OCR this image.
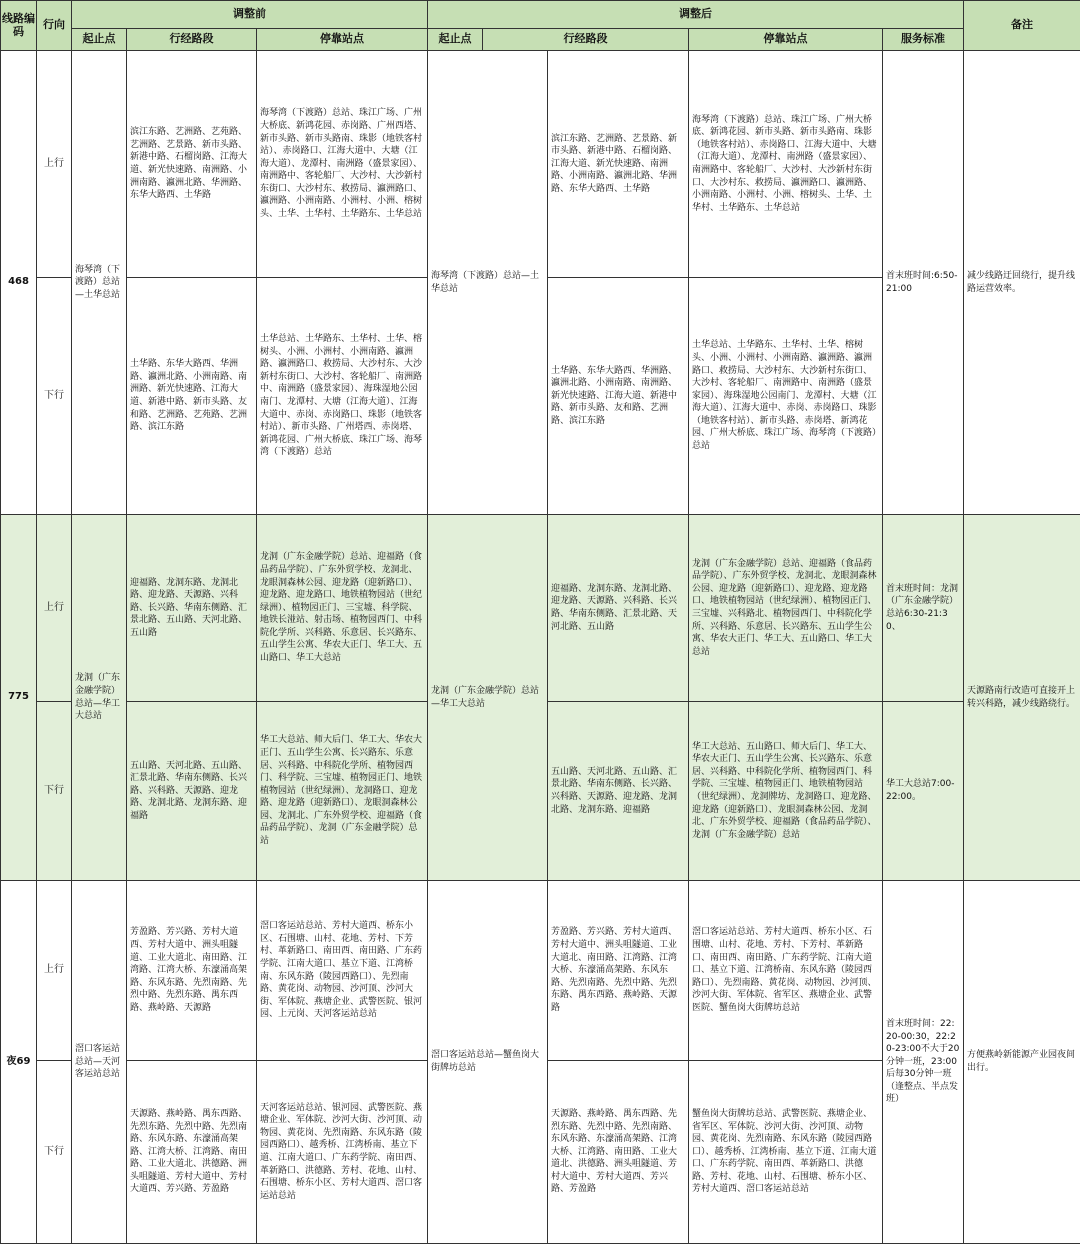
线路编码	行向	调整前			调整后					备注
		起止点	行经路段	停靠站点	起止点	行经路段		停靠站点	服务标准	
468	上行	海琴湾（下渡路）总站—土华总站	滨江东路、艺洲路、艺苑路、艺洲路、艺景路、新市头路、新港中路、石榴岗路、江海大道、新光快速路、南洲路、小洲南路、瀛洲北路、华洲路、东华大路西、土华路	海琴湾（下渡路）总站、珠江广场、广州大桥底、新鸿花园、赤岗路、广州西塔、新市头路、新市头路南、珠影（地铁客村站）、赤岗路口、江海大道中、大塘（江海大道）、龙潭村、南洲路（盛景家园）、南洲路中、客轮船厂、大沙村、大沙新村东街口、大沙村东、救捞局、瀛洲路口、瀛洲路、小洲南路、小洲村、小洲、榕树头、土华、土华村、土华路东、土华总站	海琴湾（下渡路）总站—土华总站		滨江东路、艺洲路、艺景路、新市头路、新港中路、石榴岗路、江海大道、新光快速路、南洲路、小洲南路、瀛洲北路、华洲路、东华大路西、土华路	海琴湾（下渡路）总站、珠江广场、广州大桥底、新鸿花园、新市头路、新市头路南、珠影（地铁客村站）、赤岗路口、江海大道中、大塘（江海大道）、龙潭村、南洲路（盛景家园）、南洲路中、客轮船厂、大沙村、大沙新村东街口、大沙村东、救捞局、瀛洲路口、瀛洲路、小洲南路、小洲村、小洲、榕树头、土华、土华村、土华路东、土华总站	首末班时间:6:50-21:00	减少线路迂回绕行，提升线路运营效率。
	下行		土华路、东华大路西、华洲路、瀛洲北路、小洲南路、南洲路、新光快速路、江海大道、新港中路、新市头路、友和路、艺洲路、艺苑路、艺洲路、滨江东路	土华总站、土华路东、土华村、土华、榕树头、小洲、小洲村、小洲南路、瀛洲路、瀛洲路口、救捞局、大沙村东、大沙新村东街口、大沙村、客轮船厂、南洲路中、南洲路（盛景家园）、海珠湿地公园南门、龙潭村、大塘（江海大道）、江海大道中、赤岗、赤岗路口、珠影（地铁客村站）、新市头路、广州塔西、赤岗塔、新鸿花园、广州大桥底、珠江广场、海琴湾（下渡路）总站			土华路、东华大路西、华洲路、瀛洲北路、小洲南路、南洲路、新光快速路、江海大道、新港中路、新市头路、友和路、艺洲路、滨江东路	土华总站、土华路东、土华村、土华、榕树头、小洲、小洲村、小洲南路、瀛洲路、瀛洲路口、救捞局、大沙村东、大沙新村东街口、大沙村、客轮船厂、南洲路中、南洲路（盛景家园）、海珠湿地公园南门、龙潭村、大塘（江海大道）、江海大道中、赤岗、赤岗路口、珠影（地铁客村站）、新市头路、赤岗塔、新鸿花园、广州大桥底、珠江广场、海琴湾（下渡路）总站		
775	上行	龙洞（广东金融学院）总站—华工大总站	迎福路、龙洞东路、龙洞北路、迎龙路、天源路、兴科路、长兴路、华南东侧路、汇景北路、五山路、天河北路、五山路	龙洞（广东金融学院）总站、迎福路（食品药品学院）、广东外贸学校、龙洞北、龙眼洞森林公园、迎龙路（迎新路口）、迎龙路、迎龙路口、地铁植物园站（世纪绿洲）、植物园正门、三宝墟、科学院、地铁长湴站、射击场、植物园西门、中科院化学所、兴科路、乐意居、长兴路东、五山学生公寓、华农大正门、华工大、五山路口、华工大总站	龙洞（广东金融学院）总站—华工大总站		迎福路、龙洞东路、龙洞北路、迎龙路、天源路、兴科路、长兴路、华南东侧路、汇景北路、天河北路、五山路	龙洞（广东金融学院）总站、迎福路（食品药品学院）、广东外贸学校、龙洞北、龙眼洞森林公园、迎龙路（迎新路口）、迎龙路、迎龙路口、地铁植物园站（世纪绿洲）、植物园正门、三宝墟、兴科路北、植物园西门、中科院化学所、兴科路、乐意居、长兴路东、五山学生公寓、华农大正门、华工大、五山路口、华工大总站	首末班时间：龙洞（广东金融学院）总站6:30-21:30、	天源路南行改造可直接开上转兴科路，减少线路绕行。
	下行		五山路、天河北路、五山路、汇景北路、华南东侧路、长兴路、兴科路、天源路、迎龙路、龙洞北路、龙洞东路、迎福路	华工大总站、师大后门、华工大、华农大正门、五山学生公寓、长兴路东、乐意居、兴科路、中科院化学所、植物园西门、科学院、三宝墟、植物园正门、地铁植物园站（世纪绿洲）、龙洞路口、迎龙路、迎龙路（迎新路口）、龙眼洞森林公园、龙洞北、广东外贸学校、迎福路（食品药品学院）、龙洞（广东金融学院）总站			五山路、天河北路、五山路、汇景北路、华南东侧路、长兴路、兴科路、天源路、迎龙路、龙洞北路、龙洞东路、迎福路	华工大总站、五山路口、师大后门、华工大、华农大正门、五山学生公寓、长兴路东、乐意居、兴科路、中科院化学所、植物园西门、科学院、三宝墟、植物园正门、地铁植物园站（世纪绿洲）、龙洞牌坊、龙洞路口、迎龙路、迎龙路（迎新路口）、龙眼洞森林公园、龙洞北、广东外贸学校、迎福路（食品药品学院）、龙洞（广东金融学院）总站	华工大总站7:00-22:00。	
夜69	上行	滘口客运站总站—天河客运站总站	芳盈路、芳兴路、芳村大道西、芳村大道中、洲头咀隧道、工业大道北、南田路、江湾路、江湾大桥、东濠涌高架路、东风东路、先烈南路、先烈中路、先烈东路、禺东西路、燕岭路、天源路	滘口客运站总站、芳村大道西、桥东小区、石围塘、山村、花地、芳村、下芳村、革新路口、南田西、南田路、广东药学院、江南大道口、基立下道、江湾桥南、东风东路（陵园西路口）、先烈南路、黄花岗、动物园、沙河顶、沙河大街、军体院、燕塘企业、武警医院、银河园、上元岗、天河客运站总站	滘口客运站总站—蟹鱼岗大街牌坊总站		芳盈路、芳兴路、芳村大道西、芳村大道中、洲头咀隧道、工业大道北、南田路、江湾路、江湾大桥、东濠涌高架路、东风东路、先烈南路、先烈中路、先烈东路、禺东西路、燕岭路、天源路	滘口客运站总站、芳村大道西、桥东小区、石围塘、山村、花地、芳村、下芳村、革新路口、南田西、南田路、广东药学院、江南大道口、基立下道、江湾桥南、东风东路（陵园西路口）、先烈南路、黄花岗、动物园、沙河顶、沙河大街、军体院、省军区、燕塘企业、武警医院、蟹鱼岗大街牌坊总站	首末班时间：22:20-00:30，22:20-23:00不大于20分钟一班，23:00后每30分钟一班（逢整点、半点发班）	方便燕岭新能源产业园夜间出行。
	下行		天源路、燕岭路、禺东西路、先烈东路、先烈中路、先烈南路、东风东路、东濠涌高架路、江湾大桥、江湾路、南田路、工业大道北、洪德路、洲头咀隧道、芳村大道中、芳村大道西、芳兴路、芳盈路	天河客运站总站、银河园、武警医院、燕塘企业、军体院、沙河大街、沙河顶、动物园、黄花岗、先烈南路、东风东路（陵园西路口）、越秀桥、江湾桥南、基立下道、江南大道口、广东药学院、南田西、革新路口、洪德路、芳村、花地、山村、石围塘、桥东小区、芳村大道西、滘口客运站总站			天源路、燕岭路、禺东西路、先烈东路、先烈中路、先烈南路、东风东路、东濠涌高架路、江湾大桥、江湾路、南田路、工业大道北、洪德路、洲头咀隧道、芳村大道中、芳村大道西、芳兴路、芳盈路	蟹鱼岗大街牌坊总站、武警医院、燕塘企业、省军区、军体院、沙河大街、沙河顶、动物园、黄花岗、先烈南路、东风东路（陵园西路口）、越秀桥、江湾桥南、基立下道、江南大道口、广东药学院、南田西、革新路口、洪德路、芳村、花地、山村、石围塘、桥东小区、芳村大道西、滘口客运站总站		
